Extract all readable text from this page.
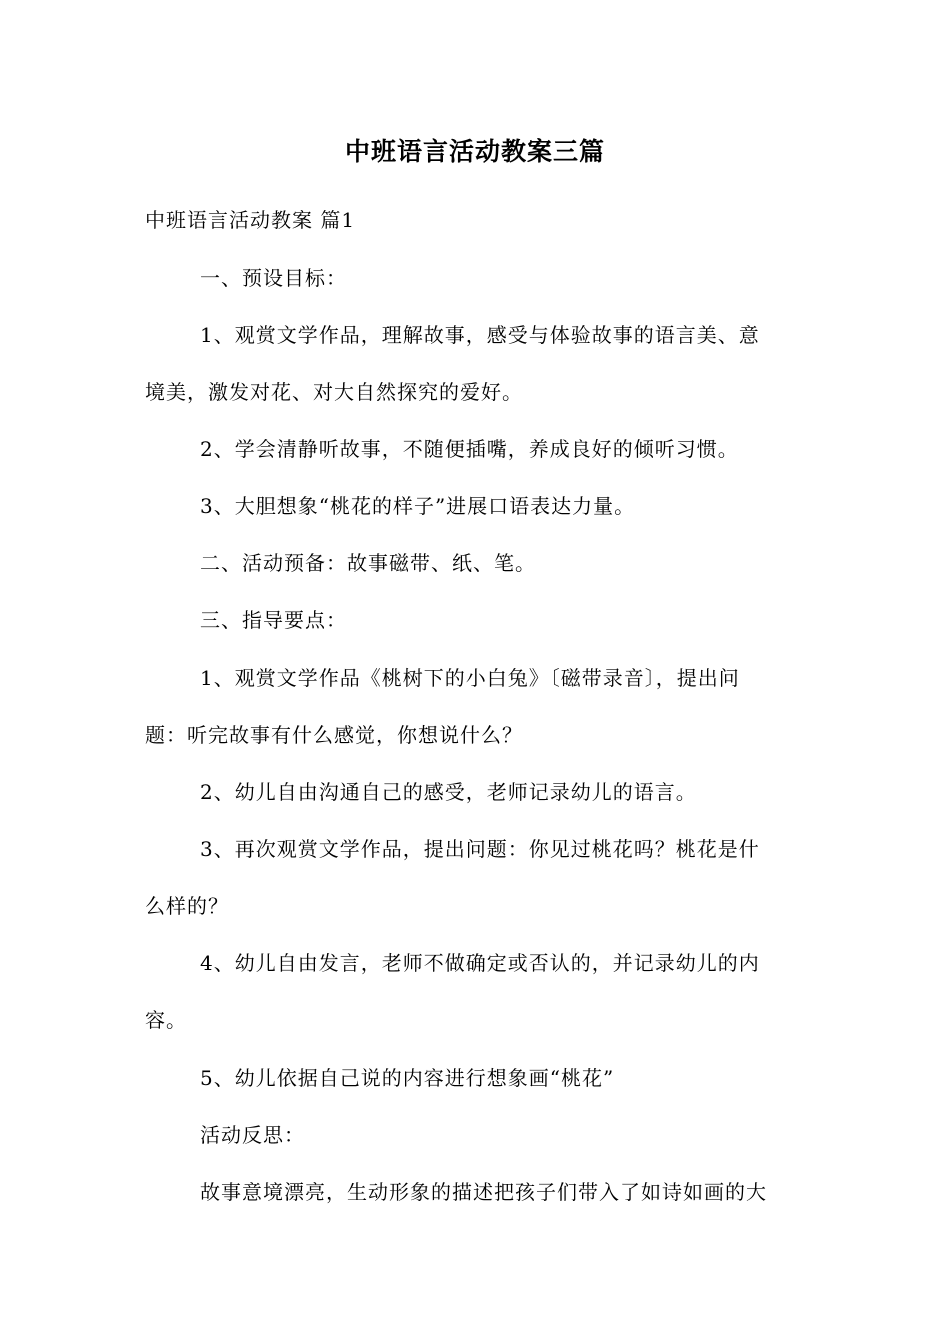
中班语言活动教案三篇
中班语言活动教案 篇1
一、预设目标：
1、观赏文学作品，理解故事，感受与体验故事的语言美、意
境美，激发对花、对大自然探究的爱好。
2、学会清静听故事，不随便插嘴，养成良好的倾听习惯。
3、大胆想象“桃花的样子”进展口语表达力量。
二、活动预备：故事磁带、纸、笔。
三、指导要点：
1、观赏文学作品《桃树下的小白兔》〔磁带录音〕，提出问
题：听完故事有什么感觉，你想说什么？
2、幼儿自由沟通自己的感受，老师记录幼儿的语言。
3、再次观赏文学作品，提出问题：你见过桃花吗？桃花是什
么样的？
4、幼儿自由发言，老师不做确定或否认的，并记录幼儿的内
容。
5、幼儿依据自己说的内容进行想象画“桃花”
活动反思：
故事意境漂亮，生动形象的描述把孩子们带入了如诗如画的大
